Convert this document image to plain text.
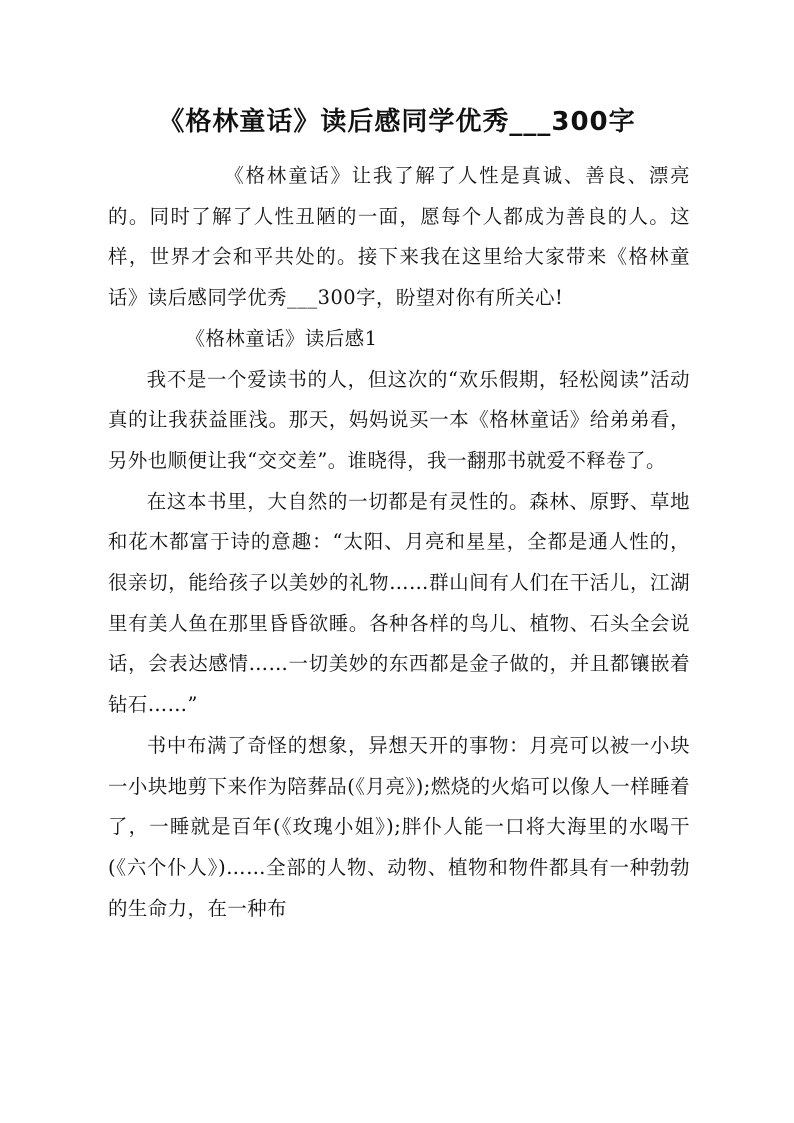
《格林童话》读后感同学优秀___300字

《格林童话》让我了解了人性是真诚、善良、漂亮的。同时了解了人性丑陋的一面，愿每个人都成为善良的人。这样，世界才会和平共处的。接下来我在这里给大家带来《格林童话》读后感同学优秀___300字，盼望对你有所关心!

《格林童话》读后感1

我不是一个爱读书的人，但这次的“欢乐假期，轻松阅读”活动真的让我获益匪浅。那天，妈妈说买一本《格林童话》给弟弟看，另外也顺便让我“交交差”。谁晓得，我一翻那书就爱不释卷了。

在这本书里，大自然的一切都是有灵性的。森林、原野、草地和花木都富于诗的意趣：“太阳、月亮和星星，全都是通人性的，很亲切，能给孩子以美妙的礼物……群山间有人们在干活儿，江湖里有美人鱼在那里昏昏欲睡。各种各样的鸟儿、植物、石头全会说话，会表达感情……一切美妙的东西都是金子做的，并且都镶嵌着钻石……”

书中布满了奇怪的想象，异想天开的事物：月亮可以被一小块一小块地剪下来作为陪葬品(《月亮》);燃烧的火焰可以像人一样睡着了，一睡就是百年(《玫瑰小姐》);胖仆人能一口将大海里的水喝干(《六个仆人》)……全部的人物、动物、植物和物件都具有一种勃勃的生命力，在一种布
